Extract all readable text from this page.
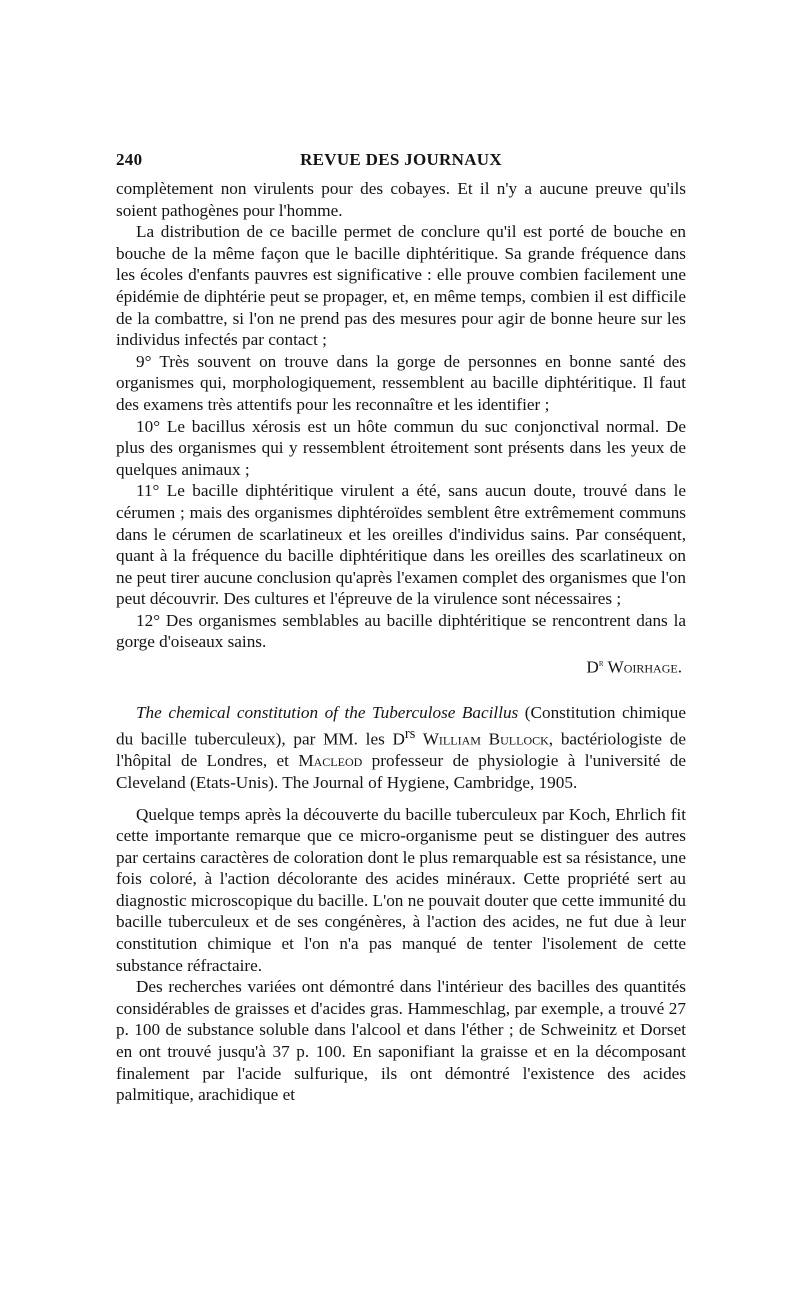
240	REVUE DES JOURNAUX

complètement non virulents pour des cobayes. Et il n'y a aucune preuve qu'ils soient pathogènes pour l'homme.

La distribution de ce bacille permet de conclure qu'il est porté de bouche en bouche de la même façon que le bacille diphtéritique. Sa grande fréquence dans les écoles d'enfants pauvres est significative : elle prouve combien facilement une épidémie de diphtérie peut se propager, et, en même temps, combien il est difficile de la combattre, si l'on ne prend pas des mesures pour agir de bonne heure sur les individus infectés par contact ;

9° Très souvent on trouve dans la gorge de personnes en bonne santé des organismes qui, morphologiquement, ressemblent au bacille diphtéritique. Il faut des examens très attentifs pour les reconnaître et les identifier ;

10° Le bacillus xérosis est un hôte commun du suc conjonctival normal. De plus des organismes qui y ressemblent étroitement sont présents dans les yeux de quelques animaux ;

11° Le bacille diphtéritique virulent a été, sans aucun doute, trouvé dans le cérumen ; mais des organismes diphtéroïdes semblent être extrêmement communs dans le cérumen de scarlatineux et les oreilles d'individus sains. Par conséquent, quant à la fréquence du bacille diphtéritique dans les oreilles des scarlatineux on ne peut tirer aucune conclusion qu'après l'examen complet des organismes que l'on peut découvrir. Des cultures et l'épreuve de la virulence sont nécessaires ;

12° Des organismes semblables au bacille diphtéritique se rencontrent dans la gorge d'oiseaux sains.

$D^r$ Woirhage.

The chemical constitution of the Tuberculose Bacillus (Constitution chimique du bacille tuberculeux), par MM. les $D^{rs}$ William Bullock, bactériologiste de l'hôpital de Londres, et Macleod professeur de physiologie à l'université de Cleveland (Etats-Unis). The Journal of Hygiene, Cambridge, 1905.

Quelque temps après la découverte du bacille tuberculeux par Koch, Ehrlich fit cette importante remarque que ce micro-organisme peut se distinguer des autres par certains caractères de coloration dont le plus remarquable est sa résistance, une fois coloré, à l'action décolorante des acides minéraux. Cette propriété sert au diagnostic microscopique du bacille. L'on ne pouvait douter que cette immunité du bacille tuberculeux et de ses congénères, à l'action des acides, ne fut due à leur constitution chimique et l'on n'a pas manqué de tenter l'isolement de cette substance réfractaire.

Des recherches variées ont démontré dans l'intérieur des bacilles des quantités considérables de graisses et d'acides gras. Hammeschlag, par exemple, a trouvé 27 p. 100 de substance soluble dans l'alcool et dans l'éther ; de Schweinitz et Dorset en ont trouvé jusqu'à 37 p. 100. En saponifiant la graisse et en la décomposant finalement par l'acide sulfurique, ils ont démontré l'existence des acides palmitique, arachidique et
